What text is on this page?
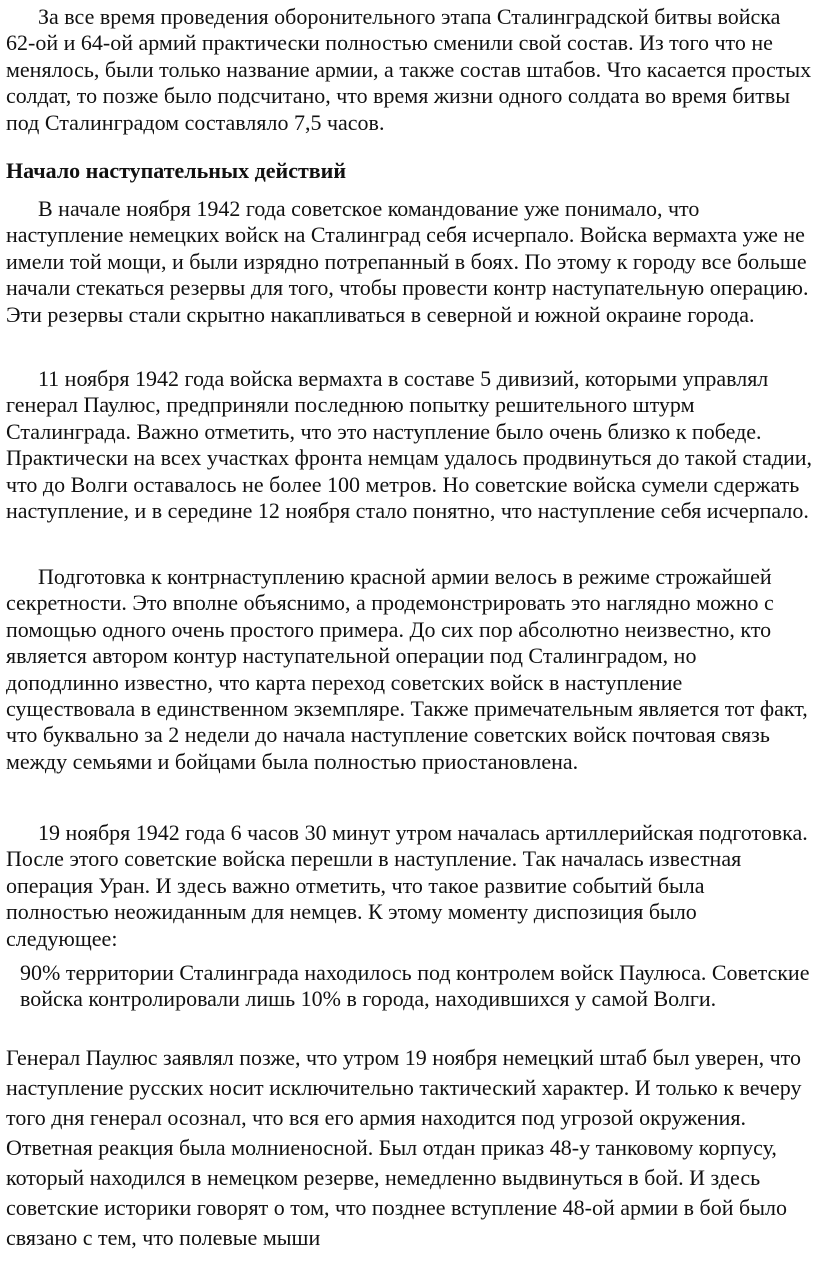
За все время проведения оборонительного этапа Сталинградской битвы войска 62-ой и 64-ой армий практически полностью сменили свой состав. Из того что не менялось, были только название армии, а также состав штабов. Что касается простых солдат, то позже было подсчитано, что время жизни одного солдата во время битвы под Сталинградом составляло 7,5 часов.

Начало наступательных действий

В начале ноября 1942 года советское командование уже понимало, что наступление немецких войск на Сталинград себя исчерпало. Войска вермахта уже не имели той мощи, и были изрядно потрепанный в боях. По этому к городу все больше начали стекаться резервы для того, чтобы провести контр наступательную операцию. Эти резервы стали скрытно накапливаться в северной и южной окраине города.

11 ноября 1942 года войска вермахта в составе 5 дивизий, которыми управлял генерал Паулюс, предприняли последнюю попытку решительного штурм Сталинграда. Важно отметить, что это наступление было очень близко к победе. Практически на всех участках фронта немцам удалось продвинуться до такой стадии, что до Волги оставалось не более 100 метров. Но советские войска сумели сдержать наступление, и в середине 12 ноября стало понятно, что наступление себя исчерпало.

Подготовка к контрнаступлению красной армии велось в режиме строжайшей секретности. Это вполне объяснимо, а продемонстрировать это наглядно можно с помощью одного очень простого примера. До сих пор абсолютно неизвестно, кто является автором контур наступательной операции под Сталинградом, но доподлинно известно, что карта переход советских войск в наступление существовала в единственном экземпляре. Также примечательным является тот факт, что буквально за 2 недели до начала наступление советских войск почтовая связь между семьями и бойцами была полностью приостановлена.

19 ноября 1942 года 6 часов 30 минут утром началась артиллерийская подготовка. После этого советские войска перешли в наступление. Так началась известная операция Уран. И здесь важно отметить, что такое развитие событий была полностью неожиданным для немцев. К этому моменту диспозиция было следующее:

90% территории Сталинграда находилось под контролем войск Паулюса. Советские войска контролировали лишь 10% в города, находившихся у самой Волги.

Генерал Паулюс заявлял позже, что утром 19 ноября немецкий штаб был уверен, что наступление русских носит исключительно тактический характер. И только к вечеру того дня генерал осознал, что вся его армия находится под угрозой окружения. Ответная реакция была молниеносной. Был отдан приказ 48-у танковому корпусу, который находился в немецком резерве, немедленно выдвинуться в бой. И здесь советские историки говорят о том, что позднее вступление 48-ой армии в бой было связано с тем, что полевые мыши
